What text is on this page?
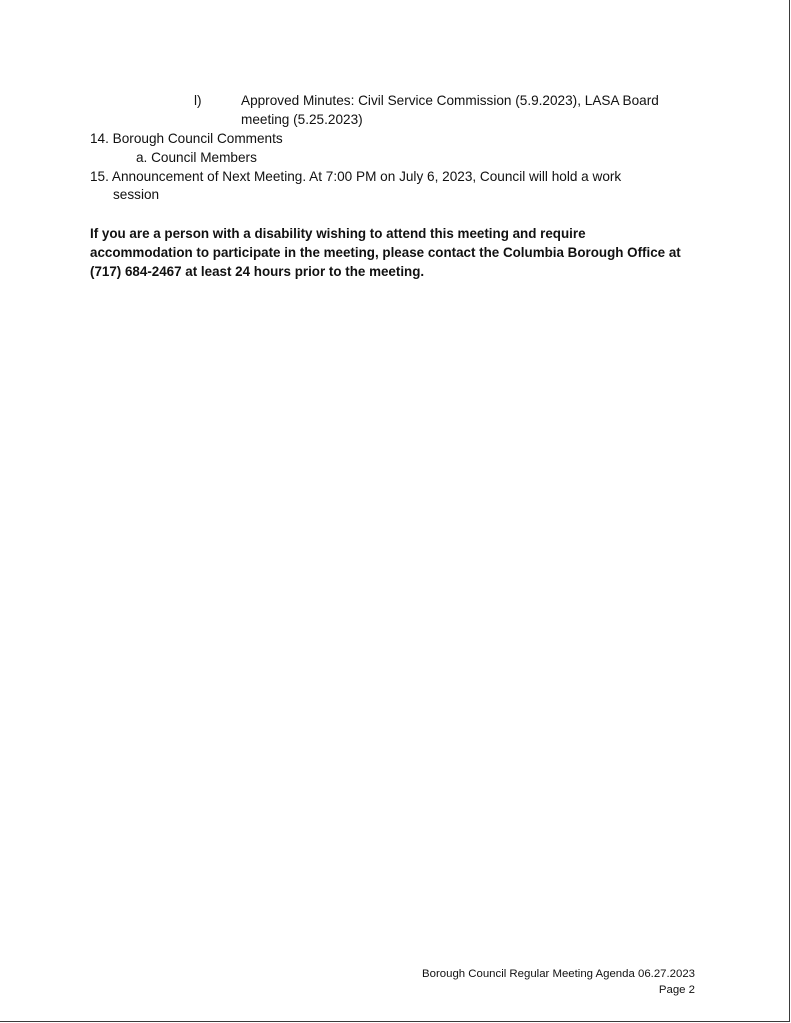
l)	Approved Minutes: Civil Service Commission (5.9.2023), LASA Board
meeting (5.25.2023)
14. Borough Council Comments
a. Council Members
15. Announcement of Next Meeting. At 7:00 PM on July 6, 2023, Council will hold a work
session
If you are a person with a disability wishing to attend this meeting and require
accommodation to participate in the meeting, please contact the Columbia Borough Office at
(717) 684-2467 at least 24 hours prior to the meeting.
Borough Council Regular Meeting Agenda 06.27.2023
Page 2
